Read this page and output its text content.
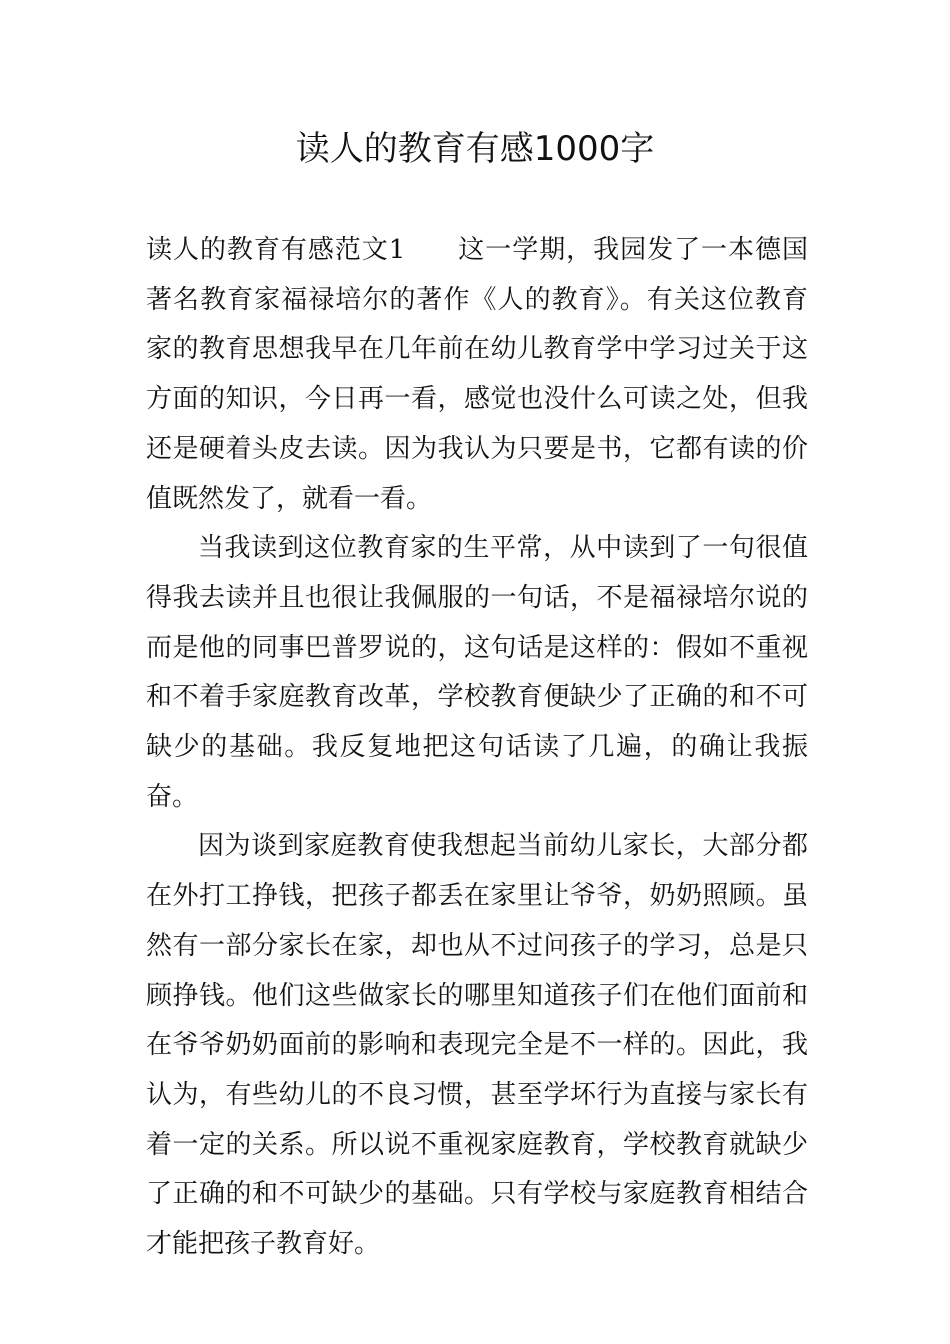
读人的教育有感1000字

读人的教育有感范文1 这一学期，我园发了一本德国著名教育家福禄培尔的著作《人的教育》。有关这位教育家的教育思想我早在几年前在幼儿教育学中学习过关于这方面的知识，今日再一看，感觉也没什么可读之处，但我还是硬着头皮去读。因为我认为只要是书，它都有读的价值既然发了，就看一看。

当我读到这位教育家的生平常，从中读到了一句很值得我去读并且也很让我佩服的一句话，不是福禄培尔说的而是他的同事巴普罗说的，这句话是这样的：假如不重视和不着手家庭教育改革，学校教育便缺少了正确的和不可缺少的基础。我反复地把这句话读了几遍，的确让我振奋。

因为谈到家庭教育使我想起当前幼儿家长，大部分都在外打工挣钱，把孩子都丢在家里让爷爷，奶奶照顾。虽然有一部分家长在家，却也从不过问孩子的学习，总是只顾挣钱。他们这些做家长的哪里知道孩子们在他们面前和在爷爷奶奶面前的影响和表现完全是不一样的。因此，我认为，有些幼儿的不良习惯，甚至学坏行为直接与家长有着一定的关系。所以说不重视家庭教育，学校教育就缺少了正确的和不可缺少的基础。只有学校与家庭教育相结合才能把孩子教育好。
